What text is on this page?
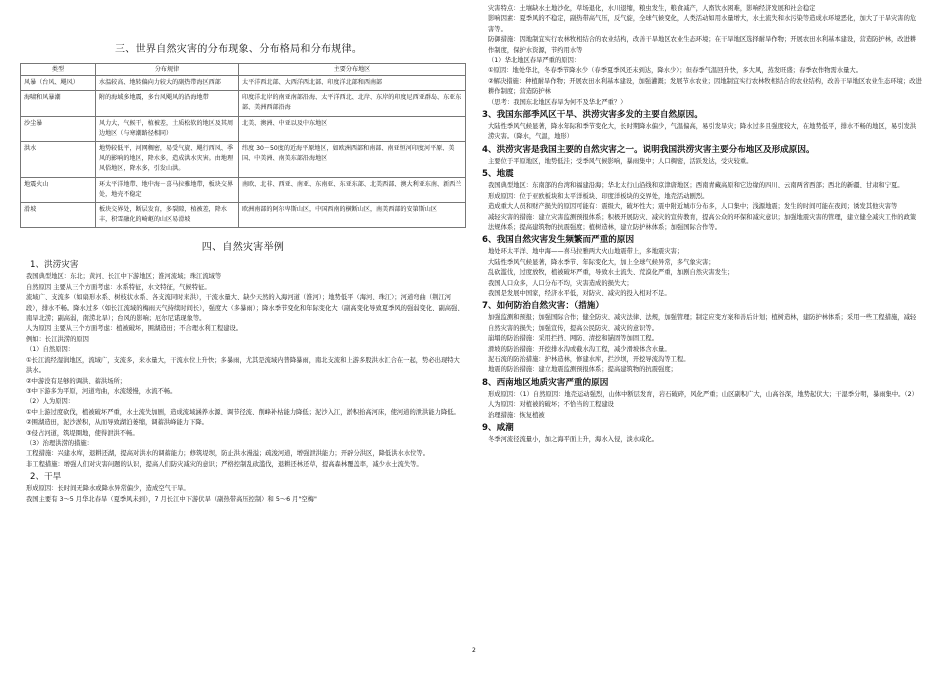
三、世界自然灾害的分布现象、分布格局和分布规律。
类型	分布规律	主要分布地区
风暴（台风、飓风）	水温较高、地转偏向力较大的副热带海区西部	太平洋西北部、大西洋西北部、印度洋北部和西南部
海啸和风暴潮	附的海域多地震，多台风飓风的沿海地带	印度洋北岸的南亚南部沿海、太平洋西北、北岸、东岸的印度尼西亚群岛、东亚东部、美洲西部沿海
沙尘暴	风力大，气候干，植被差，土质松软的地区及其周边地区（与寒潮路径相同）	北美、澳洲、中亚以及中东地区
洪水	地势较低平，河网稠密，易受气旋、飓行西风、季风的影响的地区，降水多，造成洪水灾害。由地理风俗地区，降水多，引发山洪。	纬度 30－50度的近海平原地区，如欧洲西部和南部、南亚恒河印度河平原、美国、中美洲、南美东部沿海地区
地震火山	环太平洋地带、地中海－喜马拉雅地带，板块交界处，地壳不稳定	南欧、北非、西亚、南亚、东南亚、东亚东部、北美西部、澳大利亚东南、新西兰
滑坡	板块交界处，断层发育，多裂隙，植被差，降水丰，积雪融化的崎岖的山区易滑坡	欧洲南部的阿尔卑斯山区，中国西南的横断山区，南美西部的安第斯山区
四、自然灾害举例
1、洪涝灾害
我国典型地区：东北；黄河、长江中下游地区；淮河流域；珠江流域等
自然原因 主要从三个方面考虑：水系特征，水文特征，气候特征。
流域广、支流多（如扇形水系、树枝状水系、各支流同时来洪），干流水量大、缺少天然的入海河道（淮河）；地势低平（海河、珠江）；河道弯曲（荆江河段），排水不畅。降水过多（如长江流域的梅雨天气持续时间长），强度大（多暴雨）；降水季节变化和年际变化大（副高变化导致夏季风的强弱变化、副高强、南旱北涝；副高弱，南涝北旱）；台风的影响；厄尔尼诺现象等。
人为原因 主要从三个方面考虑：植被破坏，围湖造田；不合理水利工程建设。
例如：长江洪涝的原因
（1）自然原因：
①长江流经湿润地区，流域广，支流多，来水量大，干流水位上升快；多暴雨，尤其是流域内普降暴雨，南北支流和上游多股洪水汇合在一起，势必出现特大洪水。
②中游没有足够的调洪、蓄洪场所；
③中下游多为平原，河道弯曲，水流缓慢，水流不畅。
（2）人为原因：
①中上游过度砍伐，植被破坏严重，水土流失加剧，造成流域涵养水源、调节径流、削峰补枯能力降低；泥沙入江，淤积抬高河床，使河道的泄洪能力降低。
②围湖造田，泥沙淤积，从而导致湖泊萎缩，调蓄洪峰能力下降。
③侵占河道，筑堤圈地，使得泄洪不畅。
（3）治理洪涝的措施：
工程措施：兴建水库，退耕还湖，提高对洪水的调蓄能力；修筑堤坝，防止洪水漫溢；疏浚河道，增强泄洪能力；开辟分洪区，降低洪水水位等。
非工程措施：增强人们对灾害问题的认识，提高人们防灾减灾的意识；严格控制乱砍滥伐，退耕还林还草，提高森林覆盖率，减少水土流失等。
2、干旱
形成原因：长时间无降水或降水异常偏少，造成空气干旱。
我国主要有 3～5 月华北春旱（夏季风未到），7 月长江中下游伏旱（副热带高压控制）和 5～6 月"空梅"
灾害特点：土壤缺水土地沙化，草场退化，水川退缩，粮虫发生，粮食减产，人畜饮水困难，影响经济发展和社会稳定
影响因素：夏季风的不稳定，副热带高气压，反气旋，全球气候变化，人类活动如用水量增大，水土流失和水污染等造成水环境恶化，加大了干旱灾害的危害等。
防御措施：因地制宜实行农林牧相结合的农业结构，改善干旱地区农业生态环境；在干旱地区选择耐旱作物；开展农田水利基本建设，营造防护林，改进耕作制度，保护水资源，节约用水等
（1）华北地区春旱严重的原因：
①原因：地处华北，冬春季节降水少（春季夏季风还未到达，降水少）；但春季气温回升快，多大风，蒸发旺盛；春季农作物需水量大。
②解决措施：种植耐旱作物；开展农田水利基本建设，加强灌溉；发展节水农业；因地制宜实行农林牧相结合的农业结构，改善干旱地区农业生态环境；改进耕作制度；营造防护林
（思考：我国东北地区春旱为何不及华北严重？）
3、我国东部季风区干旱、洪涝灾害多发的主要自然原因。
大陆性季风气候显著，降水年际和季节变化大，长时期降水偏少，气温偏高，易引发旱灾；降水过多且强度较大，在地势低平，排水不畅的地区，易引发洪涝灾害。（降水，气温，地形）
4、洪涝灾害是我国主要的自然灾害之一。说明我国洪涝灾害主要分布地区及形成原因。
主要位于平原地区，地势低洼；受季风气候影响，暴雨集中；人口稠密，活跃发达，受灾较重。
5、地震
我国典型地区：东南部的台湾和福建沿海；华北太行山沿线和京津唐地区；西南青藏高原和它边缘的四川、云南两省西部；西北的新疆、甘肃和宁夏。
形成原因：位于亚欧板块和太平洋板块、印度洋板块的交界处，地壳活动剧烈。
造成重大人员和财产损失的原因可能有：震级大，破坏性大；震中附近城市分布多，人口集中；浅源地震；发生的时间可能在夜间；诱发其他灾害等
减轻灾害的措施：建立灾害监测预报体系；积极开展防灾、减灾的宣传教育，提高公众的环保和减灾意识；加强地震灾害的管理，建立健全减灾工作的政策法规体系；提高建筑物的抗震强度；植树造林，建立防护林体系；加强国际合作等。
6、我国自然灾害发生频繁而严重的原因
地处环太平洋、地中海——喜马拉雅两大火山地震带上，多地震灾害；
大陆性季风气候显著，降水季节、年际变化大，加上全球气候异常，多气象灾害；
乱砍滥伐，过度放牧，植被破坏严重，导致水土流失、荒漠化严重，加剧自然灾害发生；
我国人口众多，人口分布不均，灾害造成的损失大；
我国是发展中国家，经济水平低，对防灾、减灾的投入相对不足。
7、如何防治自然灾害：（措施）
加强监测和预报；加强国际合作；健全防灾、减灾法律、法规，加强管理；制定应变方案和善后计划；植树造林，建防护林体系；采用一些工程措施，减轻自然灾害的损失；加强宣传，提高公民防灾、减灾的意识等。
崩塌的防治措施：采用拦挡、网防、清挖和锚固等加固工程。
滑坡的防治措施：开挖排水沟或截水沟工程，减少滑坡体含水量。
泥石流的防治措施：护林造林，修建水库，拦沙坝，开挖导流沟等工程。
地震的防治措施：建立地震监测预报体系；提高建筑物的抗震强度；
8、西南地区地质灾害严重的原因
形成原因：（1）自然原因：地壳运动强烈，山体中断层发育，岩石破碎，风化严重；山区副积广大，山高谷深，地势起伏大；干湿季分明，暴雨集中。（2）人为原因：对植被的破坏；不恰当的工程建设
治理措施：恢复植被
9、咸潮
冬季河流径流量小，加之海平面上升，海水入侵，淡水咸化。
2
